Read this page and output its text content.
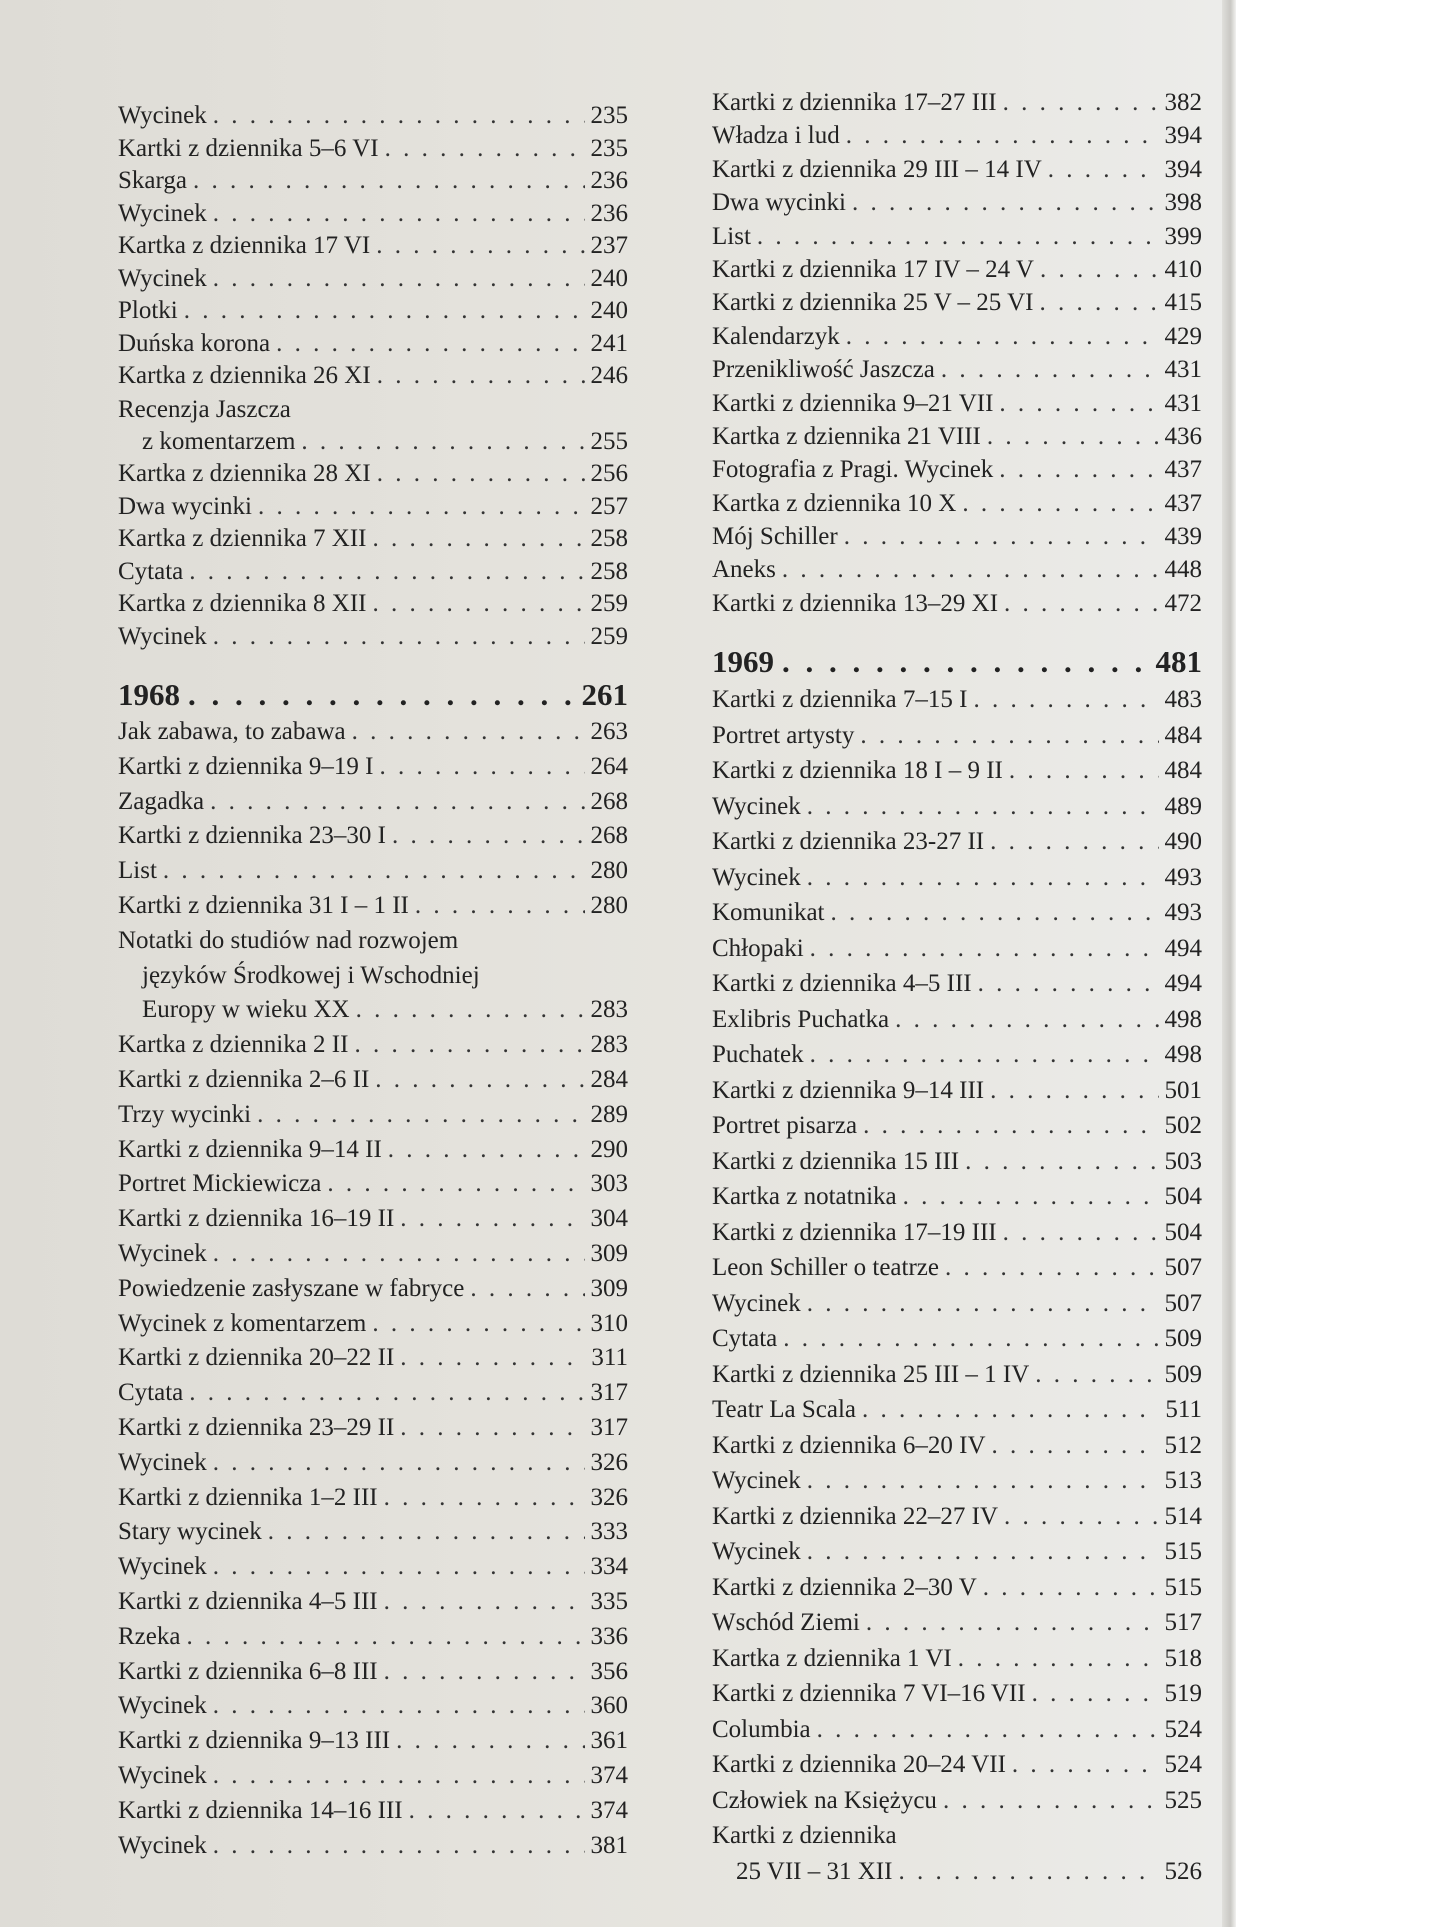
Wycinek . . .	235
Kartki z dziennika 5–6 VI . . .	235
Skarga . . .	236
Wycinek . . .	236
Kartka z dziennika 17 VI . . .	237
Wycinek . . .	240
Plotki . . .	240
Duńska korona . . .	241
Kartka z dziennika 26 XI . . .	246
Recenzja Jaszcza
z komentarzem . . .	255
Kartka z dziennika 28 XI . . .	256
Dwa wycinki . . .	257
Kartka z dziennika 7 XII . . .	258
Cytata . . .	258
Kartka z dziennika 8 XII . . .	259
Wycinek . . .	259
1968 . . .	261
Jak zabawa, to zabawa . . .	263
Kartki z dziennika 9–19 I . . .	264
Zagadka . . .	268
Kartki z dziennika 23–30 I . . .	268
List . . .	280
Kartki z dziennika 31 I – 1 II . . .	280
Notatki do studiów nad rozwojem
języków Środkowej i Wschodniej
Europy w wieku XX . . .	283
Kartka z dziennika 2 II . . .	283
Kartki z dziennika 2–6 II . . .	284
Trzy wycinki . . .	289
Kartki z dziennika 9–14 II . . .	290
Portret Mickiewicza . . .	303
Kartki z dziennika 16–19 II . . .	304
Wycinek . . .	309
Powiedzenie zasłyszane w fabryce . . .	309
Wycinek z komentarzem . . .	310
Kartki z dziennika 20–22 II . . .	311
Cytata . . .	317
Kartki z dziennika 23–29 II . . .	317
Wycinek . . .	326
Kartki z dziennika 1–2 III . . .	326
Stary wycinek . . .	333
Wycinek . . .	334
Kartki z dziennika 4–5 III . . .	335
Rzeka . . .	336
Kartki z dziennika 6–8 III . . .	356
Wycinek . . .	360
Kartki z dziennika 9–13 III . . .	361
Wycinek . . .	374
Kartki z dziennika 14–16 III . . .	374
Wycinek . . .	381
Kartki z dziennika 17–27 III . . .	382
Władza i lud . . .	394
Kartki z dziennika 29 III – 14 IV . . .	394
Dwa wycinki . . .	398
List . . .	399
Kartki z dziennika 17 IV – 24 V . . .	410
Kartki z dziennika 25 V – 25 VI . . .	415
Kalendarzyk . . .	429
Przenikliwość Jaszcza . . .	431
Kartki z dziennika 9–21 VII . . .	431
Kartka z dziennika 21 VIII . . .	436
Fotografia z Pragi. Wycinek . . .	437
Kartka z dziennika 10 X . . .	437
Mój Schiller . . .	439
Aneks . . .	448
Kartki z dziennika 13–29 XI . . .	472
1969 . . .	481
Kartki z dziennika 7–15 I . . .	483
Portret artysty . . .	484
Kartki z dziennika 18 I – 9 II . . .	484
Wycinek . . .	489
Kartki z dziennika 23-27 II . . .	490
Wycinek . . .	493
Komunikat . . .	493
Chłopaki . . .	494
Kartki z dziennika 4–5 III . . .	494
Exlibris Puchatka . . .	498
Puchatek . . .	498
Kartki z dziennika 9–14 III . . .	501
Portret pisarza . . .	502
Kartki z dziennika 15 III . . .	503
Kartka z notatnika . . .	504
Kartki z dziennika 17–19 III . . .	504
Leon Schiller o teatrze . . .	507
Wycinek . . .	507
Cytata . . .	509
Kartki z dziennika 25 III – 1 IV . . .	509
Teatr La Scala . . .	511
Kartki z dziennika 6–20 IV . . .	512
Wycinek . . .	513
Kartki z dziennika 22–27 IV . . .	514
Wycinek . . .	515
Kartki z dziennika 2–30 V . . .	515
Wschód Ziemi . . .	517
Kartka z dziennika 1 VI . . .	518
Kartki z dziennika 7 VI–16 VII . . .	519
Columbia . . .	524
Kartki z dziennika 20–24 VII . . .	524
Człowiek na Księżycu . . .	525
Kartki z dziennika
25 VII – 31 XII . . .	526
